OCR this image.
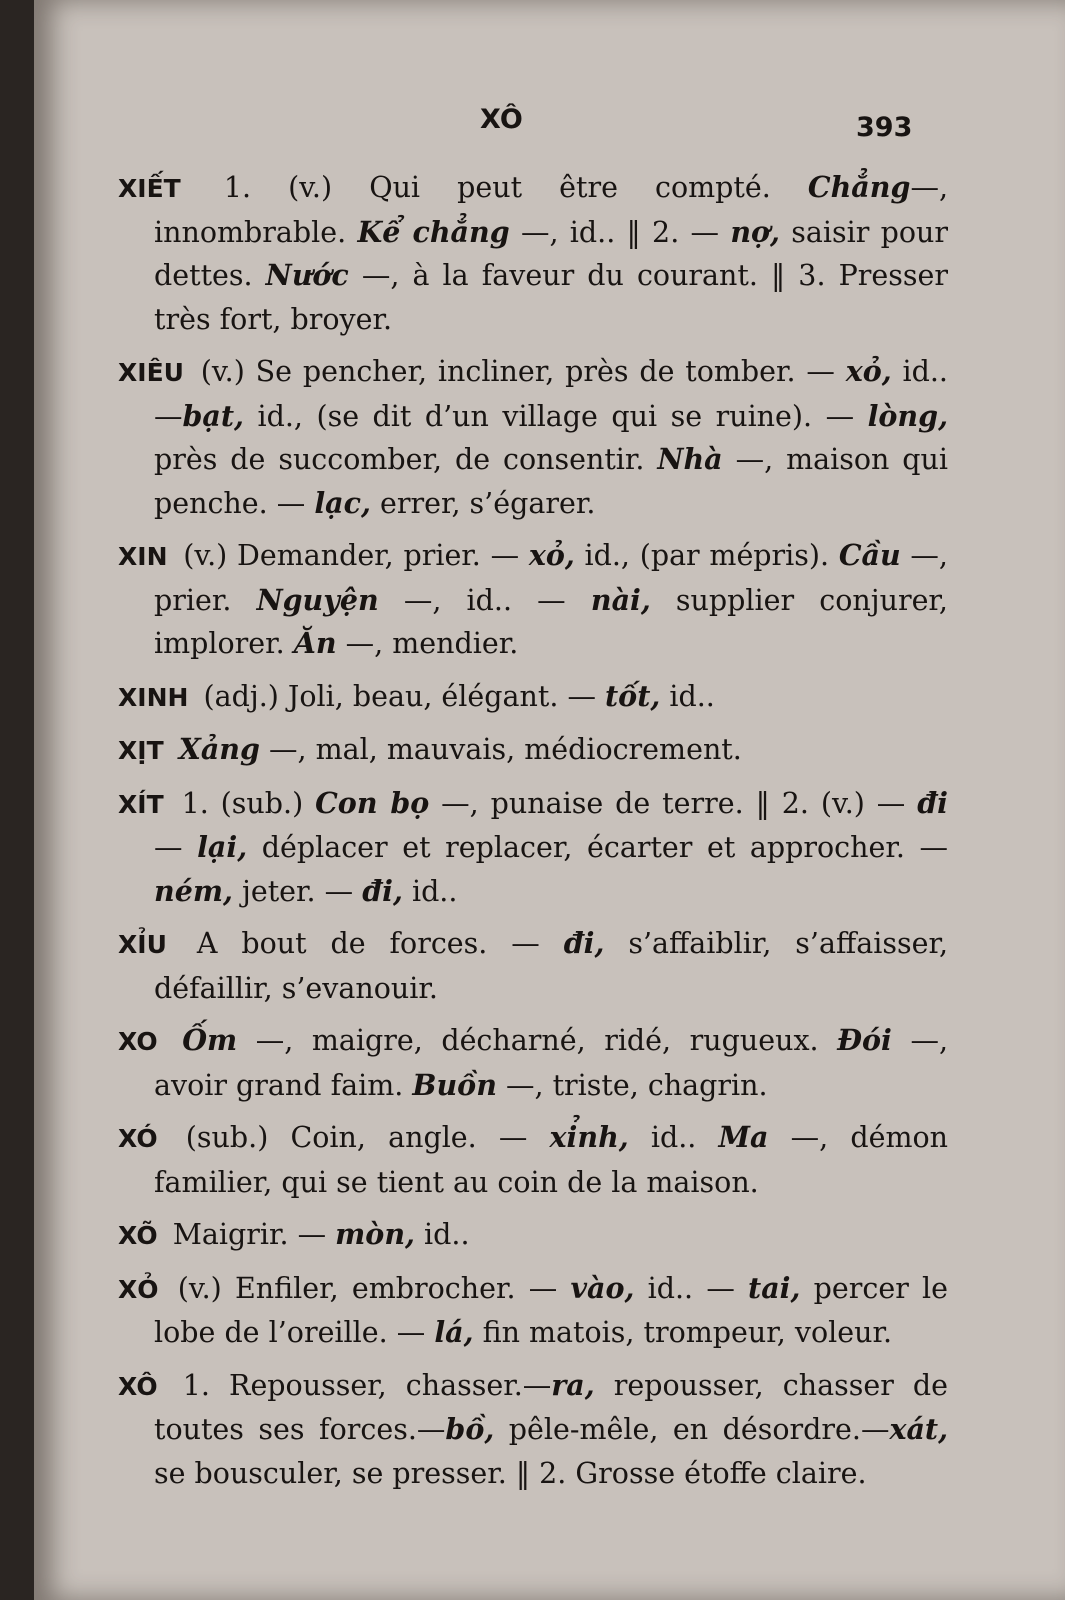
XÔ	393

XIẾT 1. (v.) Qui peut être compté. Chẳng—, innombrable. Kể chẳng —, id.. ‖ 2. — nợ, saisir pour dettes. Nước —, à la faveur du courant. ‖ 3. Presser très fort, broyer.

XIÊU (v.) Se pencher, incliner, près de tomber. — xỏ, id..—bạt, id., (se dit d’un village qui se ruine). — lòng, près de succomber, de consentir. Nhà —, maison qui penche. — lạc, errer, s’égarer.

XIN (v.) Demander, prier. — xỏ, id., (par mépris). Cầu —, prier. Nguyện —, id.. — nài, supplier conjurer, implorer. Ăn —, mendier.

XINH (adj.) Joli, beau, élégant. — tốt, id..

XỊT Xảng —, mal, mauvais, médiocrement.

XÍT 1. (sub.) Con bọ —, punaise de terre. ‖ 2. (v.) — đi — lại, déplacer et replacer, écarter et approcher. — ném, jeter. — đi, id..

XỈU A bout de forces. — đi, s’affaiblir, s’affaisser, défaillir, s’evanouir.

XO Ốm —, maigre, décharné, ridé, rugueux. Đói —, avoir grand faim. Buồn —, triste, chagrin.

XÓ (sub.) Coin, angle. — xỉnh, id.. Ma —, démon familier, qui se tient au coin de la maison.

XÕ Maigrir. — mòn, id..

XỎ (v.) Enfiler, embrocher. — vào, id.. — tai, percer le lobe de l’oreille. — lá, fin matois, trompeur, voleur.

XÔ 1. Repousser, chasser.—ra, repousser, chasser de toutes ses forces.—bồ, pêle-mêle, en désordre.—xát, se bousculer, se presser. ‖ 2. Grosse étoffe claire.
